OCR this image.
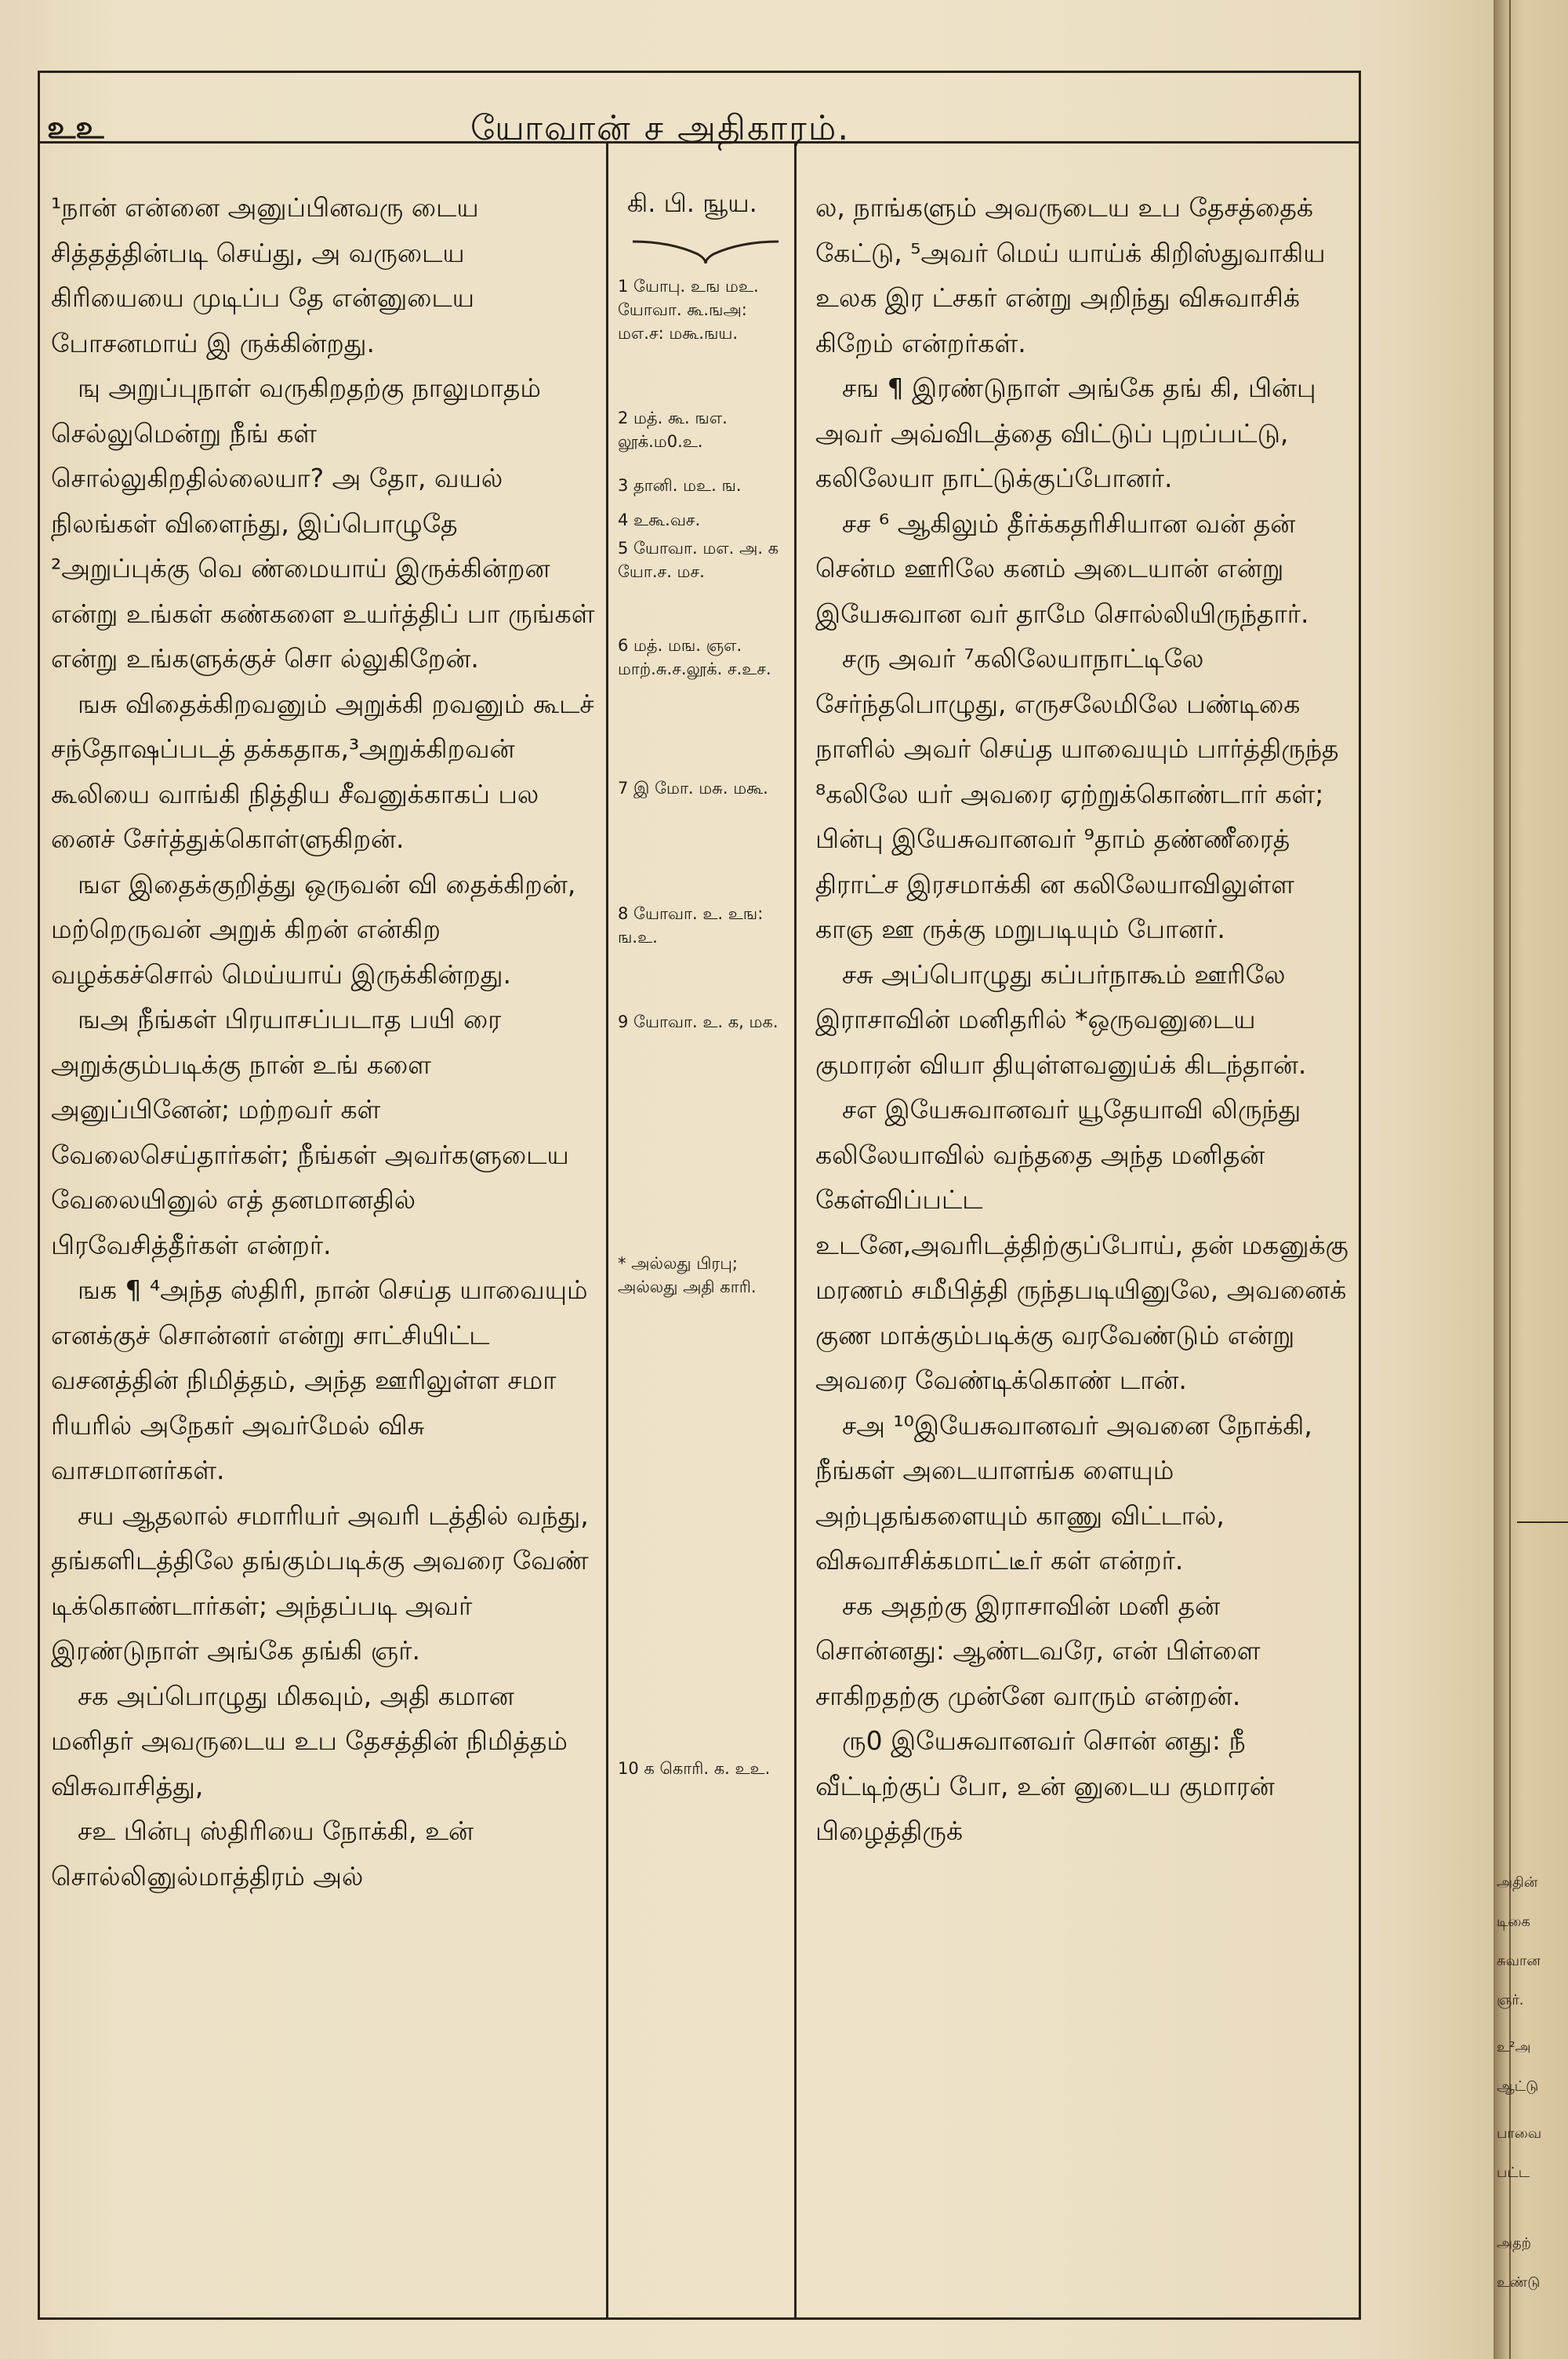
உஉ	யோவான் ச அதிகாரம்.

¹நான் என்னை அனுப்பினவரு டைய சித்தத்தின்படி செய்து, அ வருடைய கிரியையை முடிப்ப தே என்னுடைய போசனமாய் இ ருக்கின்றது.

ஙு அறுப்புநாள் வருகிறதற்கு நாலுமாதம் செல்லுமென்று நீங் கள் சொல்லுகிறதில்லையா? அ தோ, வயல் நிலங்கள் விளைந்து, இப்பொழுதே ²அறுப்புக்கு வெ ண்மையாய் இருக்கின்றன என்று உங்கள் கண்களை உயர்த்திப் பா ருங்கள் என்று உங்களுக்குச் சொ ல்லுகிறேன்.

ஙசு விதைக்கிறவனும் அறுக்கி றவனும் கூடச் சந்தோஷப்படத் தக்கதாக,³அறுக்கிறவன் கூலியை வாங்கி நித்திய சீவனுக்காகப் பல னைச் சேர்த்துக்கொள்ளுகிறன்.

ஙஎ இதைக்குறித்து ஒருவன் வி தைக்கிறன், மற்றெருவன் அறுக் கிறன் என்கிற வழக்கச்சொல் மெய்யாய் இருக்கின்றது.

ஙஅ நீங்கள் பிரயாசப்படாத பயி ரை அறுக்கும்படிக்கு நான் உங் களை அனுப்பினேன்; மற்றவர் கள் வேலைசெய்தார்கள்; நீங்கள் அவர்களுடைய வேலையினுல் எத் தனமானதில் பிரவேசித்தீர்கள் என்றர்.

ஙக ¶ ⁴அந்த ஸ்திரி, நான் செய்த யாவையும் எனக்குச் சொன்னர் என்று சாட்சியிட்ட வசனத்தின் நிமித்தம், அந்த ஊரிலுள்ள சமா ரியரில் அநேகர் அவர்மேல் விசு வாசமானர்கள்.

சய ஆதலால் சமாரியர் அவரி டத்தில் வந்து, தங்களிடத்திலே தங்கும்படிக்கு அவரை வேண் டிக்கொண்டார்கள்; அந்தப்படி அவர் இரண்டுநாள் அங்கே தங்கி ஞர்.

சக அப்பொழுது மிகவும், அதி கமான மனிதர் அவருடைய உப தேசத்தின் நிமித்தம் விசுவாசித்து,

சஉ பின்பு ஸ்திரியை நோக்கி, உன் சொல்லினுல்மாத்திரம் அல்

கி. பி. ஙூய.
1 யோபு. உங மஉ. யோவா. கூ.ஙஅ: மஎ.ச: மகூ.ஙய.
2 மத். கூ. ஙஎ. லூக்.ம0.உ.
3 தானி. மஉ. ங.
4 உகூ.வச.
5 யோவா. மஎ. அ. க யோ.ச. மச.
6 மத். மங. ஞஎ. மாற்.சு.ச.லூக். ச.உச.
7 இ மோ. மசு. மகூ.
8 யோவா. உ. உங: ங.உ.
9 யோவா. உ. க, மக.
* அல்லது பிரபு; அல்லது அதி காரி.
10 க கொரி. க. உஉ.

ல, நாங்களும் அவருடைய உப தேசத்தைக் கேட்டு, ⁵அவர் மெய் யாய்க் கிறிஸ்துவாகிய உலக இர ட்சகர் என்று அறிந்து விசுவாசிக் கிறேம் என்றர்கள்.

சங ¶ இரண்டுநாள் அங்கே தங் கி, பின்பு அவர் அவ்விடத்தை விட்டுப் புறப்பட்டு, கலிலேயா நாட்டுக்குப்போனர்.

சச ⁶ ஆகிலும் தீர்க்கதரிசியான வன் தன் சென்ம ஊரிலே கனம் அடையான் என்று இயேசுவான வர் தாமே சொல்லியிருந்தார்.

சரு அவர் ⁷கலிலேயாநாட்டிலே சேர்ந்தபொழுது, எருசலேமிலே பண்டிகை நாளில் அவர் செய்த யாவையும் பார்த்திருந்த ⁸கலிலே யர் அவரை ஏற்றுக்கொண்டார் கள்; பின்பு இயேசுவானவர் ⁹தாம் தண்ணீரைத் திராட்ச இரசமாக்கி ன கலிலேயாவிலுள்ள காஞ ஊ ருக்கு மறுபடியும் போனர்.

சசு அப்பொழுது கப்பர்நாகூம் ஊரிலே இராசாவின் மனிதரில் *ஒருவனுடைய குமாரன் வியா தியுள்ளவனுய்க் கிடந்தான்.

சஎ இயேசுவானவர் யூதேயாவி லிருந்து கலிலேயாவில் வந்ததை அந்த மனிதன் கேள்விப்பட்ட உடனே,அவரிடத்திற்குப்போய், தன் மகனுக்கு மரணம் சமீபித்தி ருந்தபடியினுலே, அவனைக் குண மாக்கும்படிக்கு வரவேண்டும் என்று அவரை வேண்டிக்கொண் டான்.

சஅ ¹⁰இயேசுவானவர் அவனை நோக்கி, நீங்கள் அடையாளங்க ளையும் அற்புதங்களையும் காணு விட்டால், விசுவாசிக்கமாட்டீர் கள் என்றர்.

சக அதற்கு இராசாவின் மனி தன் சொன்னது: ஆண்டவரே, என் பிள்ளை சாகிறதற்கு முன்னே வாரும் என்றன்.

ரு0 இயேசுவானவர் சொன் னது: நீ வீட்டிற்குப் போ, உன் னுடைய குமாரன் பிழைத்திருக்

அதின்
டிகை
சுவான
ஞர்.
உ²அ
ஆட்டு
பாவை
பட்ட
அதற்
உண்டு
